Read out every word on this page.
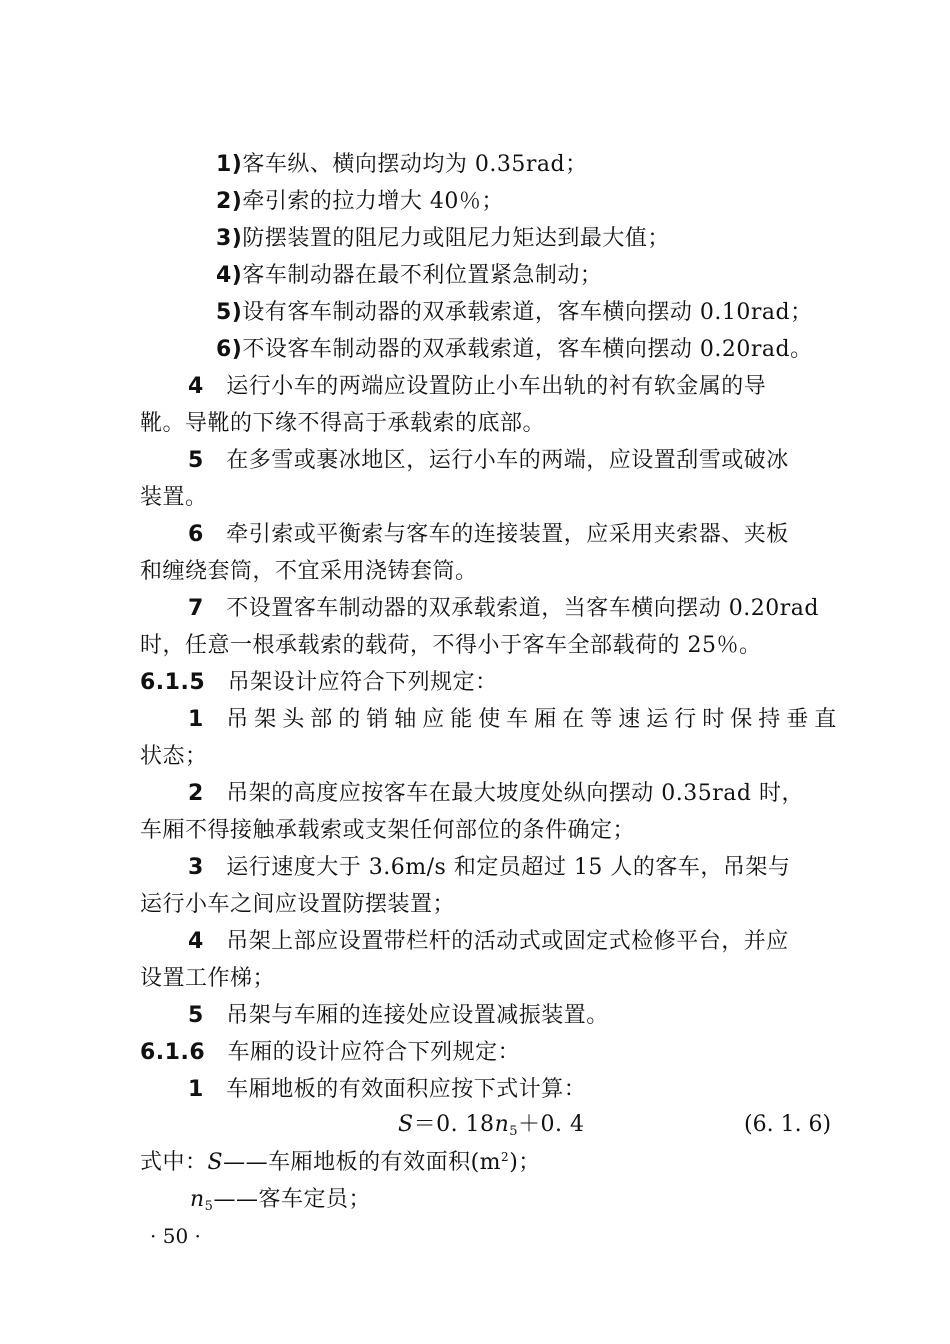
1)客车纵、横向摆动均为 0.35rad；
2)牵引索的拉力增大 40％；
3)防摆装置的阻尼力或阻尼力矩达到最大值；
4)客车制动器在最不利位置紧急制动；
5)设有客车制动器的双承载索道，客车横向摆动 0.10rad；
6)不设客车制动器的双承载索道，客车横向摆动 0.20rad。
4 运行小车的两端应设置防止小车出轨的衬有软金属的导
靴。导靴的下缘不得高于承载索的底部。
5 在多雪或裹冰地区，运行小车的两端，应设置刮雪或破冰
装置。
6 牵引索或平衡索与客车的连接装置，应采用夹索器、夹板
和缠绕套筒，不宜采用浇铸套筒。
7 不设置客车制动器的双承载索道，当客车横向摆动 0.20rad
时，任意一根承载索的载荷，不得小于客车全部载荷的 25％。
6.1.5 吊架设计应符合下列规定：
1 吊架头部的销轴应能使车厢在等速运行时保持垂直
状态；
2 吊架的高度应按客车在最大坡度处纵向摆动 0.35rad 时，
车厢不得接触承载索或支架任何部位的条件确定；
3 运行速度大于 3.6m/s 和定员超过 15 人的客车，吊架与
运行小车之间应设置防摆装置；
4 吊架上部应设置带栏杆的活动式或固定式检修平台，并应
设置工作梯；
5 吊架与车厢的连接处应设置减振装置。
6.1.6 车厢的设计应符合下列规定：
1 车厢地板的有效面积应按下式计算：
S＝0. 18n5＋0. 4	(6. 1. 6)
式中：S——车厢地板的有效面积$(m^2)$；
n5——客车定员；
· 50 ·
